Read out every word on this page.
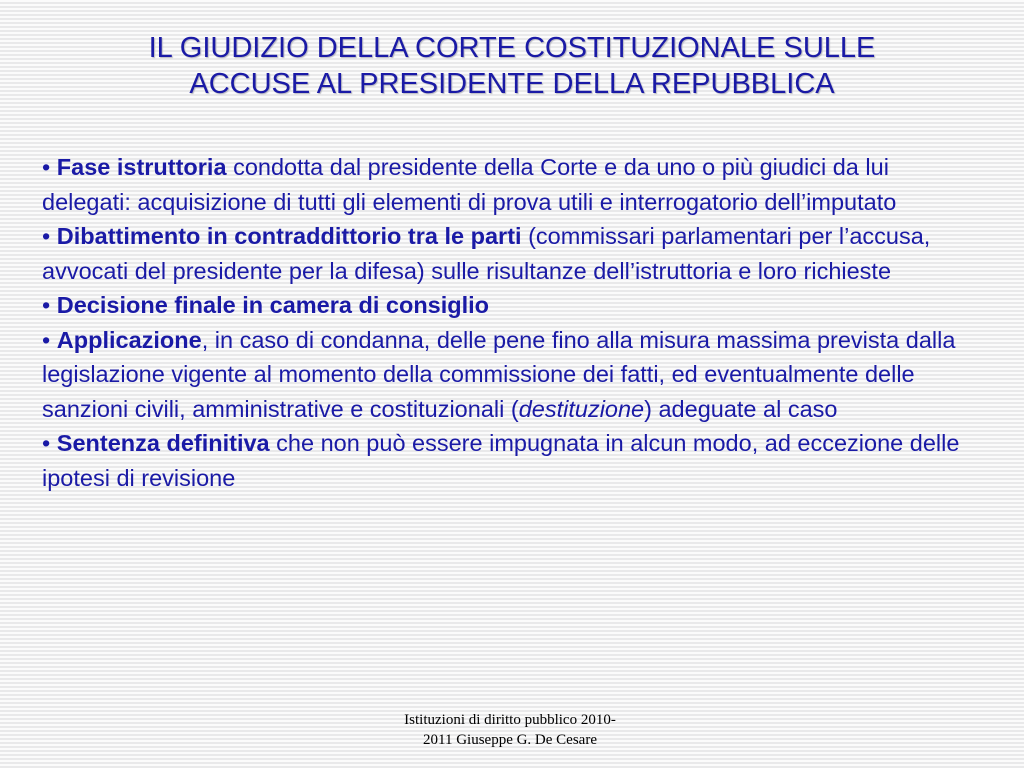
IL GIUDIZIO DELLA CORTE COSTITUZIONALE SULLE
ACCUSE AL PRESIDENTE DELLA REPUBBLICA

• Fase istruttoria condotta dal presidente della Corte e da uno o più giudici da lui delegati: acquisizione di tutti gli elementi di prova utili e interrogatorio dell’imputato

• Dibattimento in contraddittorio tra le parti (commissari parlamentari per l’accusa, avvocati del presidente per la difesa) sulle risultanze dell’istruttoria e loro richieste

• Decisione finale in camera di consiglio

• Applicazione, in caso di condanna, delle pene fino alla misura massima prevista dalla legislazione vigente al momento della commissione dei fatti, ed eventualmente delle sanzioni civili, amministrative e costituzionali (destituzione) adeguate al caso

• Sentenza definitiva che non può essere impugnata in alcun modo, ad eccezione delle ipotesi di revisione

Istituzioni di diritto pubblico 2010-
2011 Giuseppe G. De Cesare
